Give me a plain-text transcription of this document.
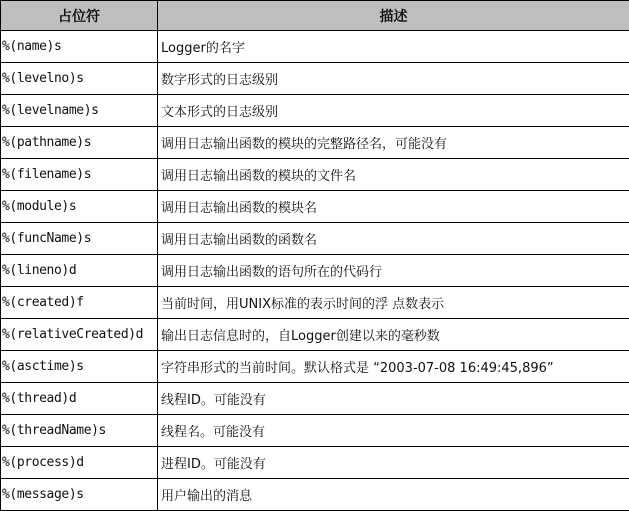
占位符	描述
%(name)s	Logger的名字
%(levelno)s	数字形式的日志级别
%(levelname)s	文本形式的日志级别
%(pathname)s	调用日志输出函数的模块的完整路径名，可能没有
%(filename)s	调用日志输出函数的模块的文件名
%(module)s	调用日志输出函数的模块名
%(funcName)s	调用日志输出函数的函数名
%(lineno)d	调用日志输出函数的语句所在的代码行
%(created)f	当前时间，用UNIX标准的表示时间的浮 点数表示
%(relativeCreated)d	输出日志信息时的，自Logger创建以来的毫秒数
%(asctime)s	字符串形式的当前时间。默认格式是 “2003-07-08 16:49:45,896”
%(thread)d	线程ID。可能没有
%(threadName)s	线程名。可能没有
%(process)d	进程ID。可能没有
%(message)s	用户输出的消息
